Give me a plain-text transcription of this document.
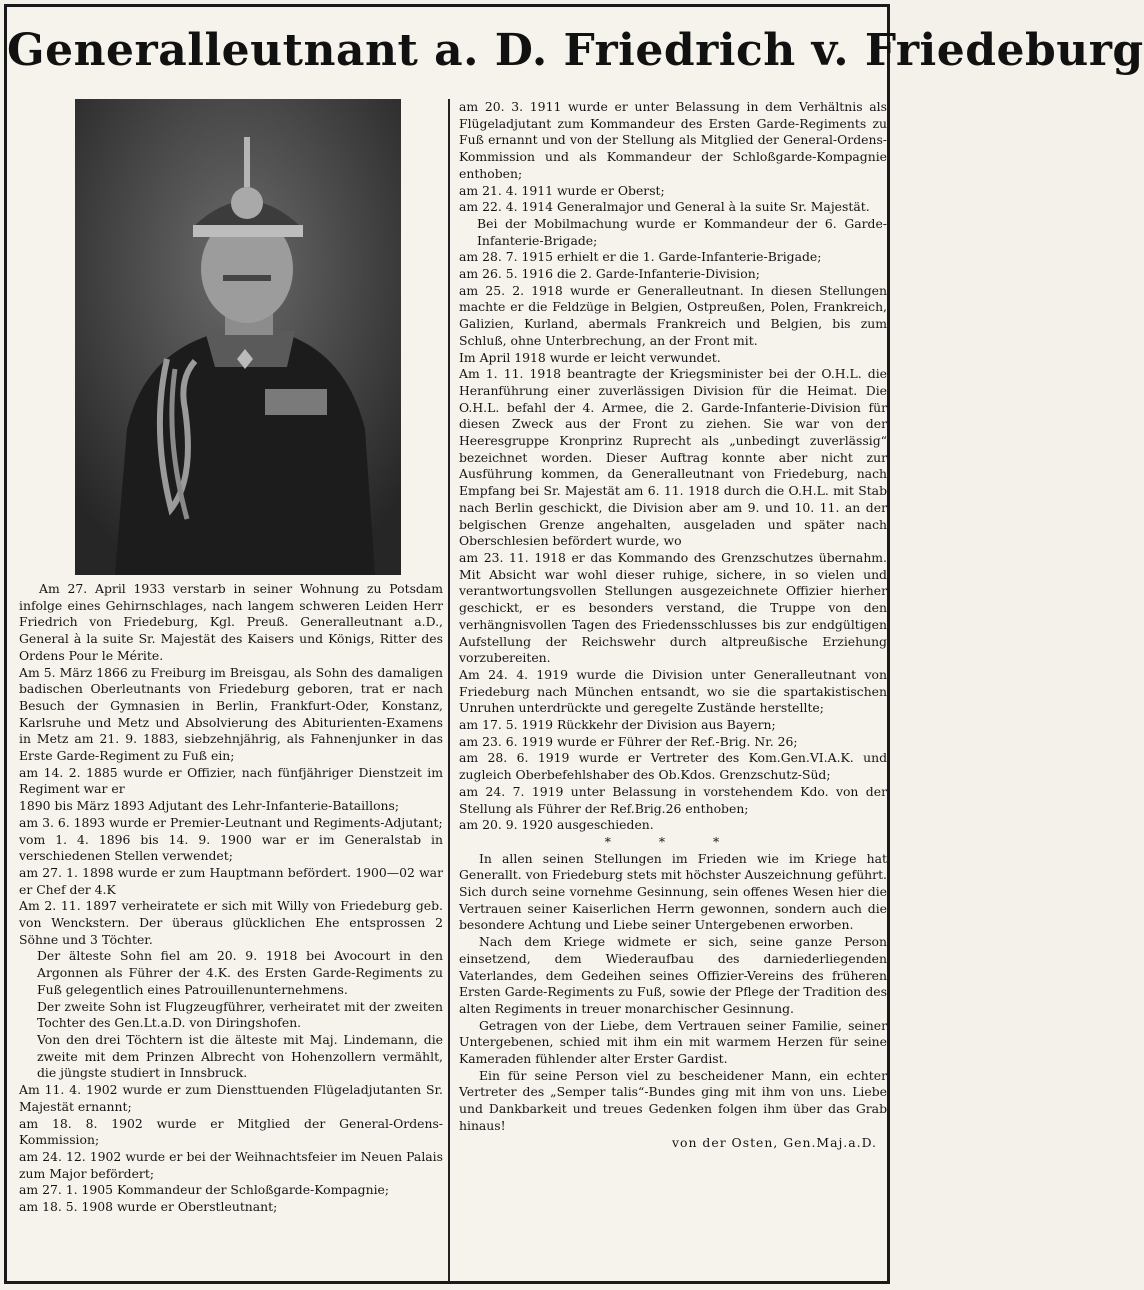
Generalleutnant a. D. Friedrich v. Friedeburg

Am 27. April 1933 verstarb in seiner Wohnung zu Potsdam infolge eines Gehirnschlages, nach langem schweren Leiden Herr Friedrich von Friedeburg, Kgl. Preuß. Generalleutnant a.D., General à la suite Sr. Majestät des Kaisers und Königs, Ritter des Ordens Pour le Mérite.

Am 5. März 1866 zu Freiburg im Breisgau, als Sohn des damaligen badischen Oberleutnants von Friedeburg geboren, trat er nach Besuch der Gymnasien in Berlin, Frankfurt-Oder, Konstanz, Karlsruhe und Metz und Absolvierung des Abiturienten-Examens in Metz am 21. 9. 1883, siebzehnjährig, als Fahnenjunker in das Erste Garde-Regiment zu Fuß ein;

am 14. 2. 1885 wurde er Offizier, nach fünfjähriger Dienstzeit im Regiment war er

1890 bis März 1893 Adjutant des Lehr-Infanterie-Bataillons;

am 3. 6. 1893 wurde er Premier-Leutnant und Regiments-Adjutant;

vom 1. 4. 1896 bis 14. 9. 1900 war er im Generalstab in verschiedenen Stellen verwendet;

am 27. 1. 1898 wurde er zum Hauptmann befördert. 1900—02 war er Chef der 4.K

Am 2. 11. 1897 verheiratete er sich mit Willy von Friedeburg geb. von Wenckstern. Der überaus glücklichen Ehe entsprossen 2 Söhne und 3 Töchter.

Der älteste Sohn fiel am 20. 9. 1918 bei Avocourt in den Argonnen als Führer der 4.K. des Ersten Garde-Regiments zu Fuß gelegentlich eines Patrouillenunternehmens.

Der zweite Sohn ist Flugzeugführer, verheiratet mit der zweiten Tochter des Gen.Lt.a.D. von Diringshofen.

Von den drei Töchtern ist die älteste mit Maj. Lindemann, die zweite mit dem Prinzen Albrecht von Hohenzollern vermählt, die jüngste studiert in Innsbruck.

Am 11. 4. 1902 wurde er zum Diensttuenden Flügeladjutanten Sr. Majestät ernannt;

am 18. 8. 1902 wurde er Mitglied der General-Ordens-Kommission;

am 24. 12. 1902 wurde er bei der Weihnachtsfeier im Neuen Palais zum Major befördert;

am 27. 1. 1905 Kommandeur der Schloßgarde-Kompagnie;

am 18. 5. 1908 wurde er Oberstleutnant;

am 20. 3. 1911 wurde er unter Belassung in dem Verhältnis als Flügeladjutant zum Kommandeur des Ersten Garde-Regiments zu Fuß ernannt und von der Stellung als Mitglied der General-Ordens-Kommission und als Kommandeur der Schloßgarde-Kompagnie enthoben;

am 21. 4. 1911 wurde er Oberst;

am 22. 4. 1914 Generalmajor und General à la suite Sr. Majestät.

Bei der Mobilmachung wurde er Kommandeur der 6. Garde-Infanterie-Brigade;

am 28. 7. 1915 erhielt er die 1. Garde-Infanterie-Brigade;

am 26. 5. 1916 die 2. Garde-Infanterie-Division;

am 25. 2. 1918 wurde er Generalleutnant. In diesen Stellungen machte er die Feldzüge in Belgien, Ostpreußen, Polen, Frankreich, Galizien, Kurland, abermals Frankreich und Belgien, bis zum Schluß, ohne Unterbrechung, an der Front mit.

Im April 1918 wurde er leicht verwundet.

Am 1. 11. 1918 beantragte der Kriegsminister bei der O.H.L. die Heranführung einer zuverlässigen Division für die Heimat. Die O.H.L. befahl der 4. Armee, die 2. Garde-Infanterie-Division für diesen Zweck aus der Front zu ziehen. Sie war von der Heeresgruppe Kronprinz Ruprecht als „unbedingt zuverlässig“ bezeichnet worden. Dieser Auftrag konnte aber nicht zur Ausführung kommen, da Generalleutnant von Friedeburg, nach Empfang bei Sr. Majestät am 6. 11. 1918 durch die O.H.L. mit Stab nach Berlin geschickt, die Division aber am 9. und 10. 11. an der belgischen Grenze angehalten, ausgeladen und später nach Oberschlesien befördert wurde, wo

am 23. 11. 1918 er das Kommando des Grenzschutzes übernahm. Mit Absicht war wohl dieser ruhige, sichere, in so vielen und verantwortungsvollen Stellungen ausgezeichnete Offizier hierher geschickt, er es besonders verstand, die Truppe von den verhängnisvollen Tagen des Friedensschlusses bis zur endgültigen Aufstellung der Reichswehr durch altpreußische Erziehung vorzubereiten.

Am 24. 4. 1919 wurde die Division unter Generalleutnant von Friedeburg nach München entsandt, wo sie die spartakistischen Unruhen unterdrückte und geregelte Zustände herstellte;

am 17. 5. 1919 Rückkehr der Division aus Bayern;

am 23. 6. 1919 wurde er Führer der Ref.-Brig. Nr. 26;

am 28. 6. 1919 wurde er Vertreter des Kom.Gen.VI.A.K. und zugleich Oberbefehlshaber des Ob.Kdos. Grenzschutz-Süd;

am 24. 7. 1919 unter Belassung in vorstehendem Kdo. von der Stellung als Führer der Ref.Brig.26 enthoben;

am 20. 9. 1920 ausgeschieden.

* * *

In allen seinen Stellungen im Frieden wie im Kriege hat Generallt. von Friedeburg stets mit höchster Auszeichnung geführt. Sich durch seine vornehme Gesinnung, sein offenes Wesen hier die Vertrauen seiner Kaiserlichen Herrn gewonnen, sondern auch die besondere Achtung und Liebe seiner Untergebenen erworben.

Nach dem Kriege widmete er sich, seine ganze Person einsetzend, dem Wiederaufbau des darniederliegenden Vaterlandes, dem Gedeihen seines Offizier-Vereins des früheren Ersten Garde-Regiments zu Fuß, sowie der Pflege der Tradition des alten Regiments in treuer monarchischer Gesinnung.

Getragen von der Liebe, dem Vertrauen seiner Familie, seiner Untergebenen, schied mit ihm ein mit warmem Herzen für seine Kameraden fühlender alter Erster Gardist.

Ein für seine Person viel zu bescheidener Mann, ein echter Vertreter des „Semper talis“-Bundes ging mit ihm von uns. Liebe und Dankbarkeit und treues Gedenken folgen ihm über das Grab hinaus!

von der Osten, Gen.Maj.a.D.
